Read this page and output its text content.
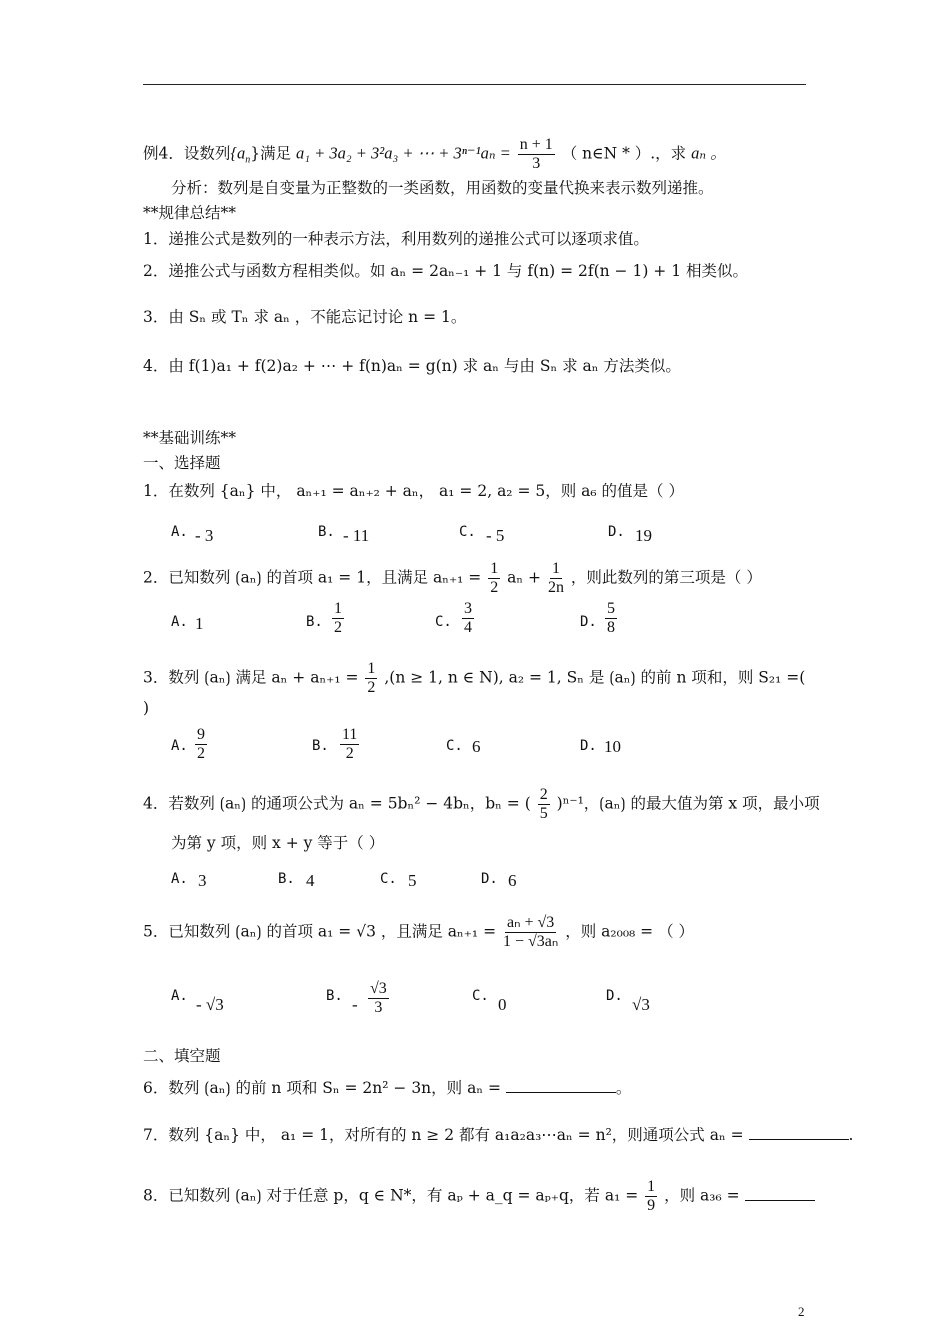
例4．设数列$\{a_n\}$满足 a₁ + 3a₂ + 3²a₃ + ⋯ + $3^{n-1}a_n = \frac{n + 1}{3}$ （ n∈N * ）.，求 aₙ 。
分析：数列是自变量为正整数的一类函数，用函数的变量代换来表示数列递推。
**规律总结**
1．递推公式是数列的一种表示方法，利用数列的递推公式可以逐项求值。
2．递推公式与函数方程相类似。如 aₙ = 2aₙ₋₁ + 1 与 f(n) = 2f(n − 1) + 1 相类似。
3．由 Sₙ 或 Tₙ 求 aₙ ，不能忘记讨论 n = 1。
4．由 f(1)a₁ + f(2)a₂ + ⋯ + f(n)aₙ = g(n) 求 aₙ 与由 Sₙ 求 aₙ 方法类似。
**基础训练**
一、选择题
1．在数列 {aₙ} 中， aₙ₊₁ = aₙ₊₂ + aₙ， a₁ = 2, a₂ = 5，则 a₆ 的值是（ ）
A. - 3	B. - 11	C. - 5	D. 19
2．已知数列 ⟮aₙ⟯ 的首项 a₁ = 1，且满足 $a_{n+1} = \frac{1}{2}$ $a_n + \frac{1}{2n}$ ，则此数列的第三项是（ ）
A. 1	B. $\frac{1}{2}$	C. $\frac{3}{4}$	D. $\frac{5}{8}$
3．数列 ⟮aₙ⟯ 满足 $a_n + a_{n+1} = \frac{1}{2} ,(n \ge 1$, n ∈ N), a₂ = 1, Sₙ 是 ⟮aₙ⟯ 的前 n 项和，则 S₂₁ =(
)
A. $\frac{9}{2}$	B. $\frac{11}{2}$	C. 6	D. 10
4．若数列 ⟮aₙ⟯ 的通项公式为 aₙ = 5bₙ² − 4bₙ，bₙ = ( $\frac{2}{5} )^{n-1}$，⟮aₙ⟯ 的最大值为第 x 项，最小项
为第 y 项，则 x + y 等于（ ）
A. 3	B. 4	C. 5	D. 6
5．已知数列 ⟮aₙ⟯ 的首项 a₁ = √3 ，且满足 $a_{n+1} = \frac{\text{aₙ + √3}}{\text{1 − √3aₙ}}$ ，则 a₂₀₀₈ = （ ）
A. - √3	B. - $\frac{√3}{3}$	C. 0	D. √3
二、填空题
6．数列 ⟮aₙ⟯ 的前 n 项和 Sₙ = 2n² − 3n，则 aₙ =	。
7．数列 {aₙ} 中， a₁ = 1，对所有的 n ≥ 2 都有 a₁a₂a₃⋯aₙ = n²，则通项公式 aₙ =	.
8．已知数列 ⟮aₙ⟯ 对于任意 p，q ∈ N*，有 aₚ + a_q = aₚ₊q，若 $a_1 = \frac{1}{9}$ ，则 a₃₆ =
2
